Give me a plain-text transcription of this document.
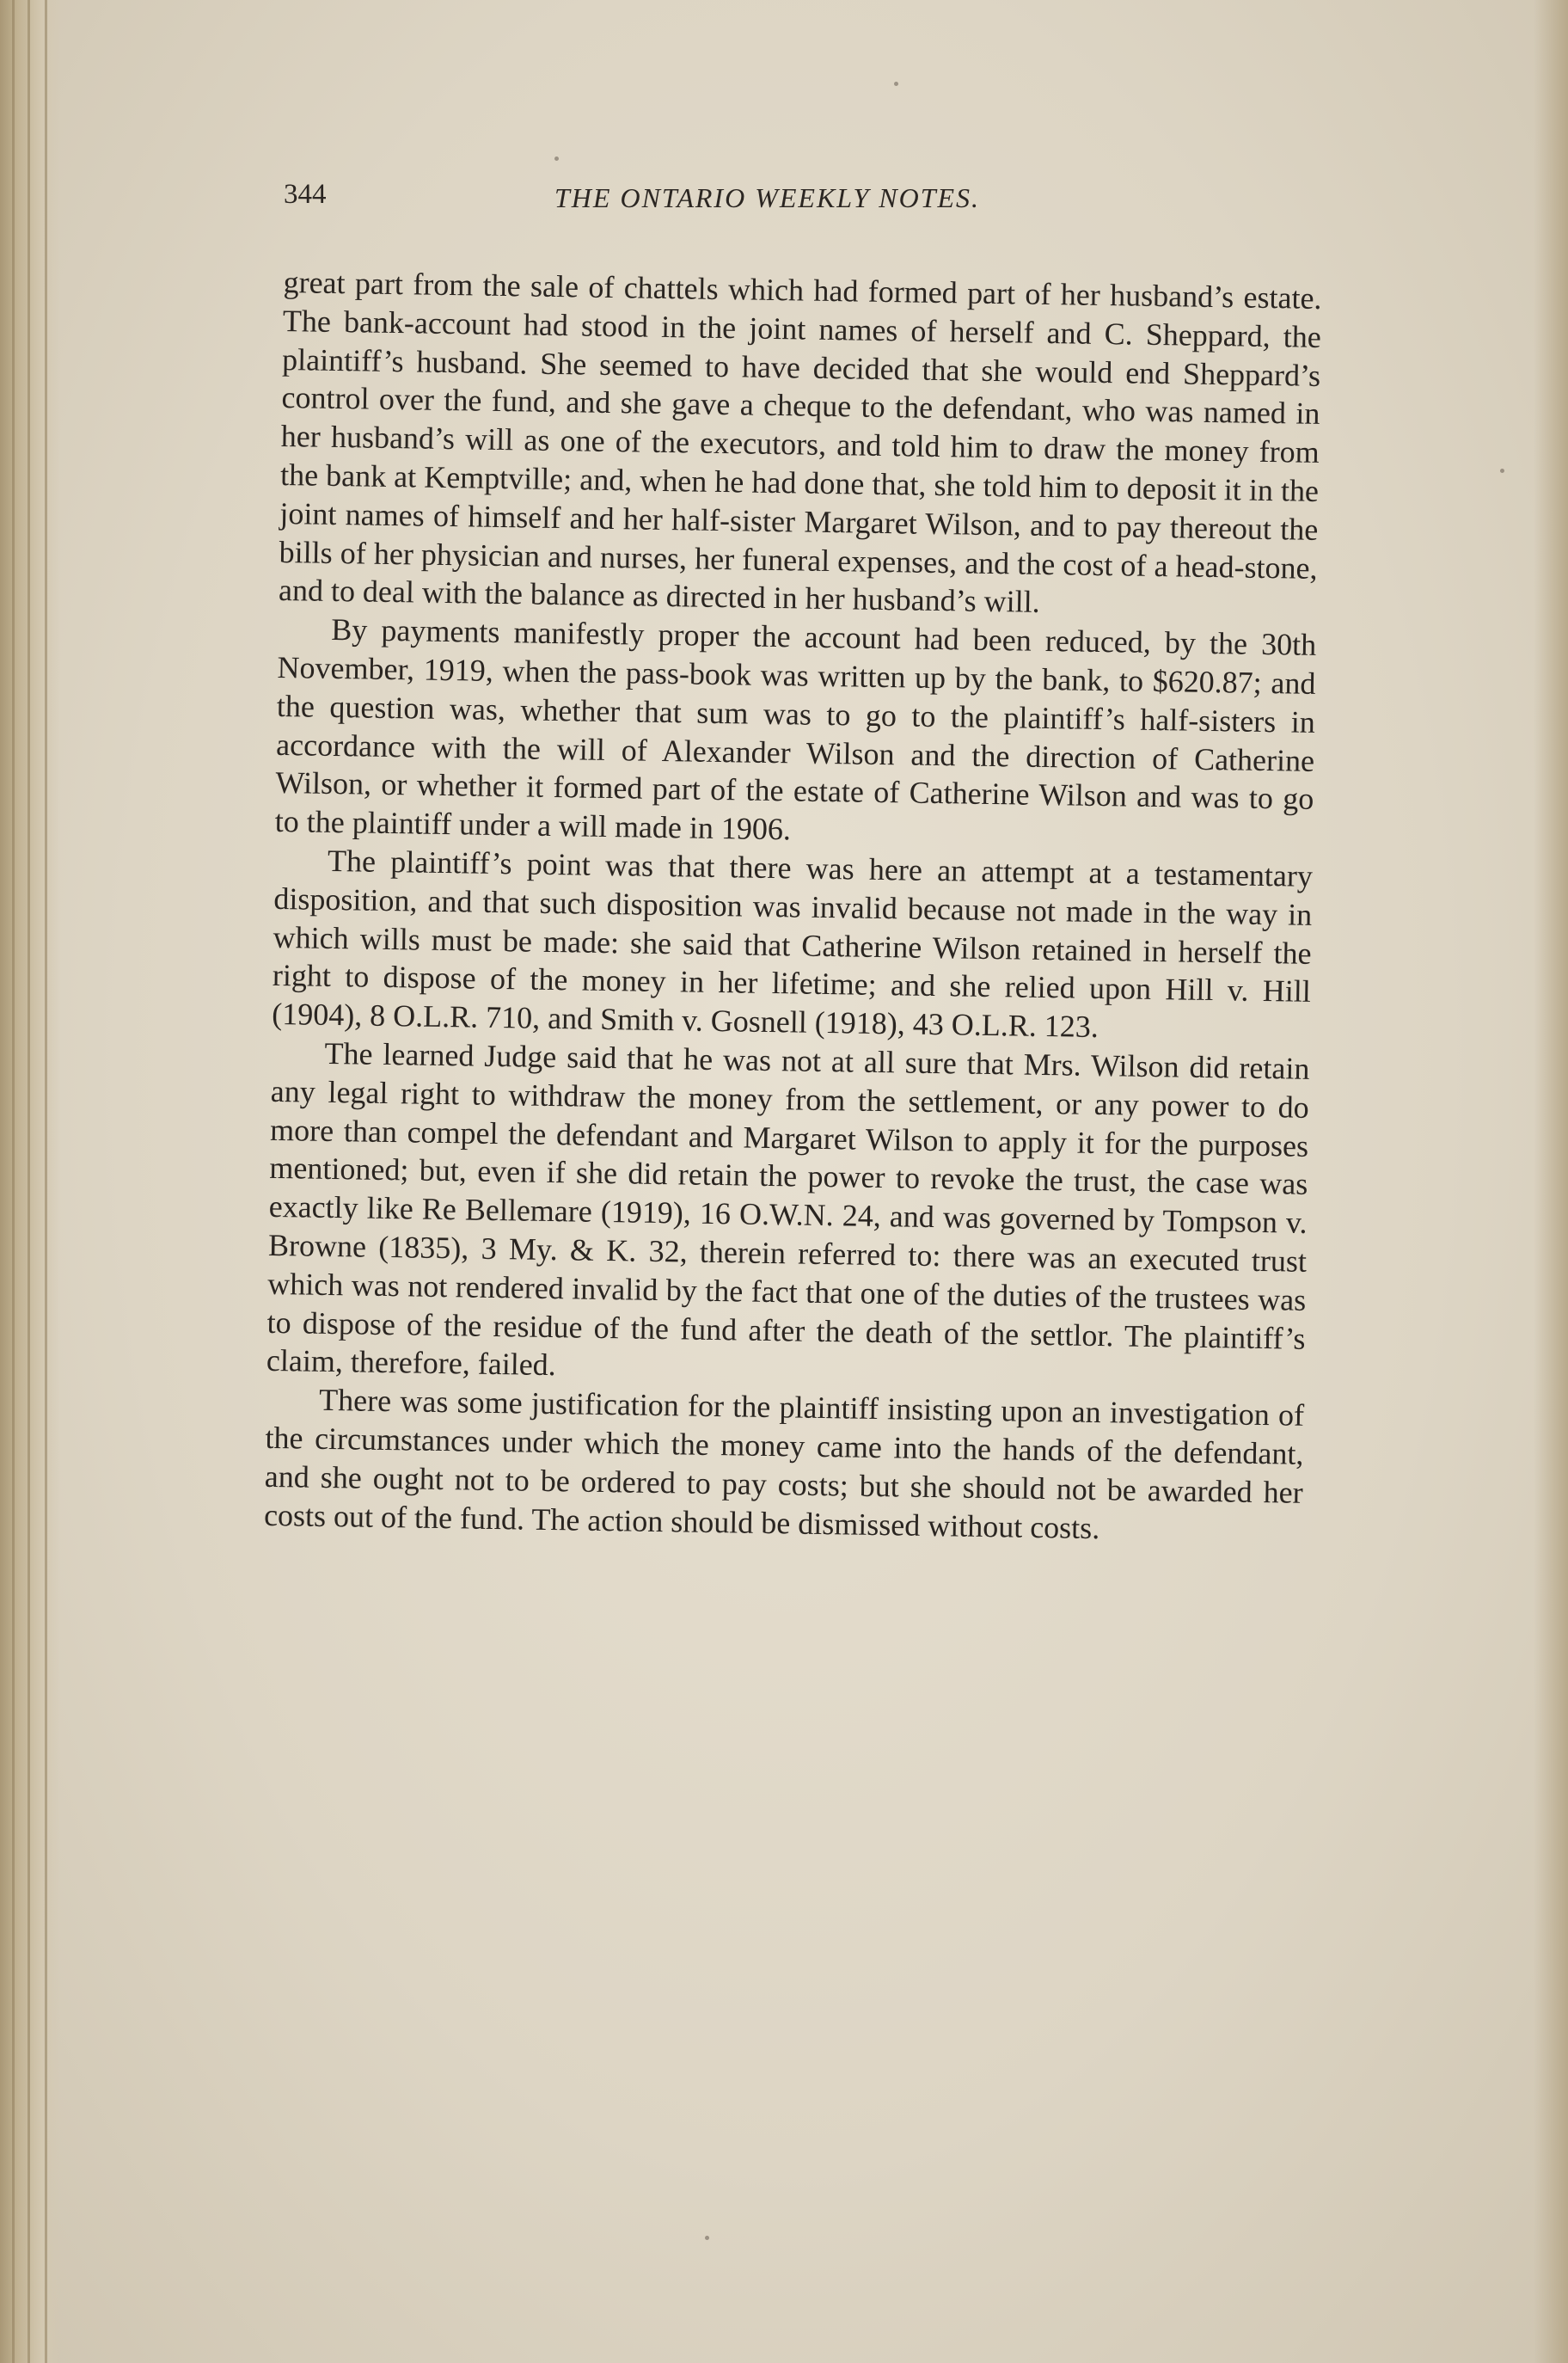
344	THE ONTARIO WEEKLY NOTES.

great part from the sale of chattels which had formed part of her husband’s estate. The bank-account had stood in the joint names of herself and C. Sheppard, the plaintiff’s husband. She seemed to have decided that she would end Sheppard’s control over the fund, and she gave a cheque to the defendant, who was named in her husband’s will as one of the executors, and told him to draw the money from the bank at Kemptville; and, when he had done that, she told him to deposit it in the joint names of himself and her half-sister Margaret Wilson, and to pay thereout the bills of her physician and nurses, her funeral expenses, and the cost of a head-stone, and to deal with the balance as directed in her husband’s will.

By payments manifestly proper the account had been reduced, by the 30th November, 1919, when the pass-book was written up by the bank, to $620.87; and the question was, whether that sum was to go to the plaintiff’s half-sisters in accordance with the will of Alexander Wilson and the direction of Catherine Wilson, or whether it formed part of the estate of Catherine Wilson and was to go to the plaintiff under a will made in 1906.

The plaintiff’s point was that there was here an attempt at a testamentary disposition, and that such disposition was invalid because not made in the way in which wills must be made: she said that Catherine Wilson retained in herself the right to dispose of the money in her lifetime; and she relied upon Hill v. Hill (1904), 8 O.L.R. 710, and Smith v. Gosnell (1918), 43 O.L.R. 123.

The learned Judge said that he was not at all sure that Mrs. Wilson did retain any legal right to withdraw the money from the settlement, or any power to do more than compel the defendant and Margaret Wilson to apply it for the purposes mentioned; but, even if she did retain the power to revoke the trust, the case was exactly like Re Bellemare (1919), 16 O.W.N. 24, and was governed by Tompson v. Browne (1835), 3 My. & K. 32, therein referred to: there was an executed trust which was not rendered invalid by the fact that one of the duties of the trustees was to dispose of the residue of the fund after the death of the settlor. The plaintiff’s claim, therefore, failed.

There was some justification for the plaintiff insisting upon an investigation of the circumstances under which the money came into the hands of the defendant, and she ought not to be ordered to pay costs; but she should not be awarded her costs out of the fund. The action should be dismissed without costs.
